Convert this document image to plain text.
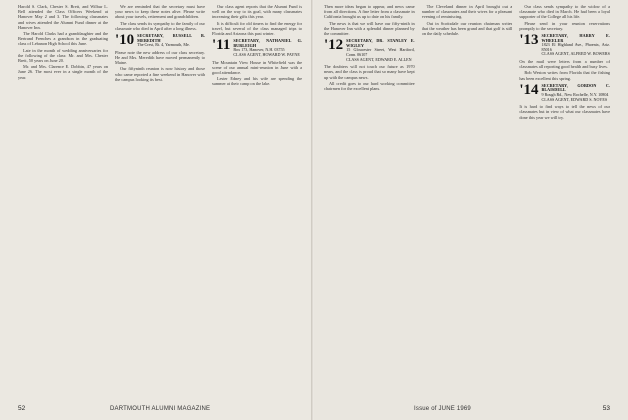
Harold S. Clark, Chester S. Brett, and Wilbur L. Bell attended the Class Officers Weekend at Hanover May 2 and 3. The following classmates and wives attended the Alumni Fund dinner at the Hanover Inn.

The Harold Clarks had a granddaughter and the Bertrand Frenches a grandson in the graduating class of Lebanon High School this June.

Late in the month of wedding anniversaries for the following of the class: Mr. and Mrs. Chester Brett, 50 years on June 20.

Mr. and Mrs. Clarence E. Dobbin, 47 years on June 26. The most ever in a single month of the year.

We are reminded that the secretary must have your news to keep these notes alive. Please write about your travels, retirement and grandchildren.

The class sends its sympathy to the family of our classmate who died in April after a long illness.

'10 SECRETARY, RUSSELL B. MEREDITH
The Crest, Rt. 4, Yarmouth, Me.

Please note the new address of our class secretary. He and Mrs. Meredith have moved permanently to Maine.

Our fiftyninth reunion is now history and those who came reported a fine weekend in Hanover with the campus looking its best.

Our class agent reports that the Alumni Fund is well on the way to its goal, with many classmates increasing their gifts this year.

It is difficult for old timers to find the energy for travel, but several of the class managed trips to Florida and Arizona this past winter.

'11 SECRETARY, NATHANIEL G. BURLEIGH
Box 173, Hanover, N.H. 03755
CLASS AGENT, HOWARD W. PAYNE

The Mountain View House in Whitefield was the scene of our annual mini-reunion in June with a good attendance.

Lester Edney and his wife are spending the summer at their camp on the lake.

52	DARTMOUTH ALUMNI MAGAZINE

Then more ideas began to appear, and news came from all directions. A fine letter from a classmate in California brought us up to date on his family.

The news is that we will have our fifty-ninth in the Hanover Inn with a splendid dinner planned by the committee.

'12 SECRETARY, DR. STANLEY E. WIGLEY
15 Gloucester Street, West Hartford, Conn. 06107
CLASS AGENT, EDWARD E. ALLEN

The doubters will not touch our future as 1970 nears, and the class is proud that so many have kept up with the campus news.

All credit goes to our hard working committee chairmen for the excellent plans.

The Cleveland dinner in April brought out a number of classmates and their wives for a pleasant evening of reminiscing.

Out in Scottsdale our reunion chairman writes that the weather has been grand and that golf is still on the daily schedule.

Our class sends sympathy to the widow of a classmate who died in March. He had been a loyal supporter of the College all his life.

Please send in your reunion reservations promptly to the secretary.

'13 SECRETARY, HARRY E. WHEELER
1823 El Highland Ave., Phoenix, Ariz. 85016
CLASS AGENT, ALFRED W. BOWERS

On the mail were letters from a number of classmates all reporting good health and busy lives.

Bob Weston writes from Florida that the fishing has been excellent this spring.

'14 SECRETARY, GORDON C. BLAISDELL
9 Rough Rd., New Rochelle, N.Y. 10804
CLASS AGENT, EDWARD S. NOYES

It is hard to find ways to tell the news of our classmates but in view of what our classmates have done this year we will try.

Issue of JUNE 1969	53
